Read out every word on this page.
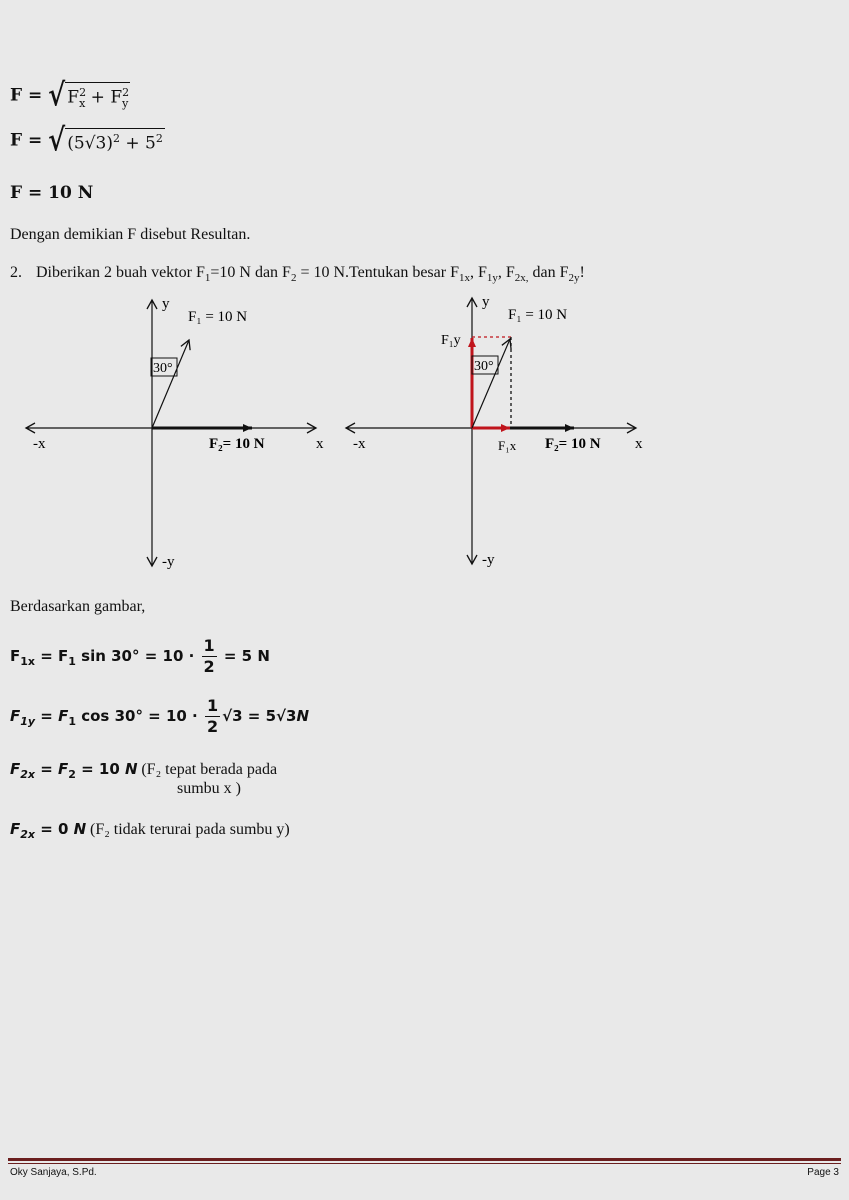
F = √ $F^2_x + F^2_y$
F = √ $(5√3)^2 + 5^2$
F = 10 N
Dengan demikian F disebut Resultan.
2. Diberikan 2 buah vektor $F_1=10$ N dan $F_2 = 10$ N.Tentukan besar $F_{1x}$, $F_{1y}$, $F_{2x,}$ dan $F_{2y}$!
30°
y
-y
x
-x
F₁ = 10 N
F₂= 10 N
30°
y
-y
x
-x
F₁ = 10 N
F₂= 10 N
F₁y
F₁x
Berdasarkan gambar,
$F_{1x} = F_1$ $\sin 30^\circ = 10 \cdot \frac{1}{2} = 5$ N
$F_{1y} = F_1$ $\cos 30^\circ = 10 \cdot \frac{1}{2} √3 = 5√3N$
$F_{2x} = F_2 = 10$ N (F₂ tepat berada pada
sumbu x )
$F_{2x} = 0$ N (F₂ tidak terurai pada sumbu y)
Oky Sanjaya, S.Pd.	Page 3
